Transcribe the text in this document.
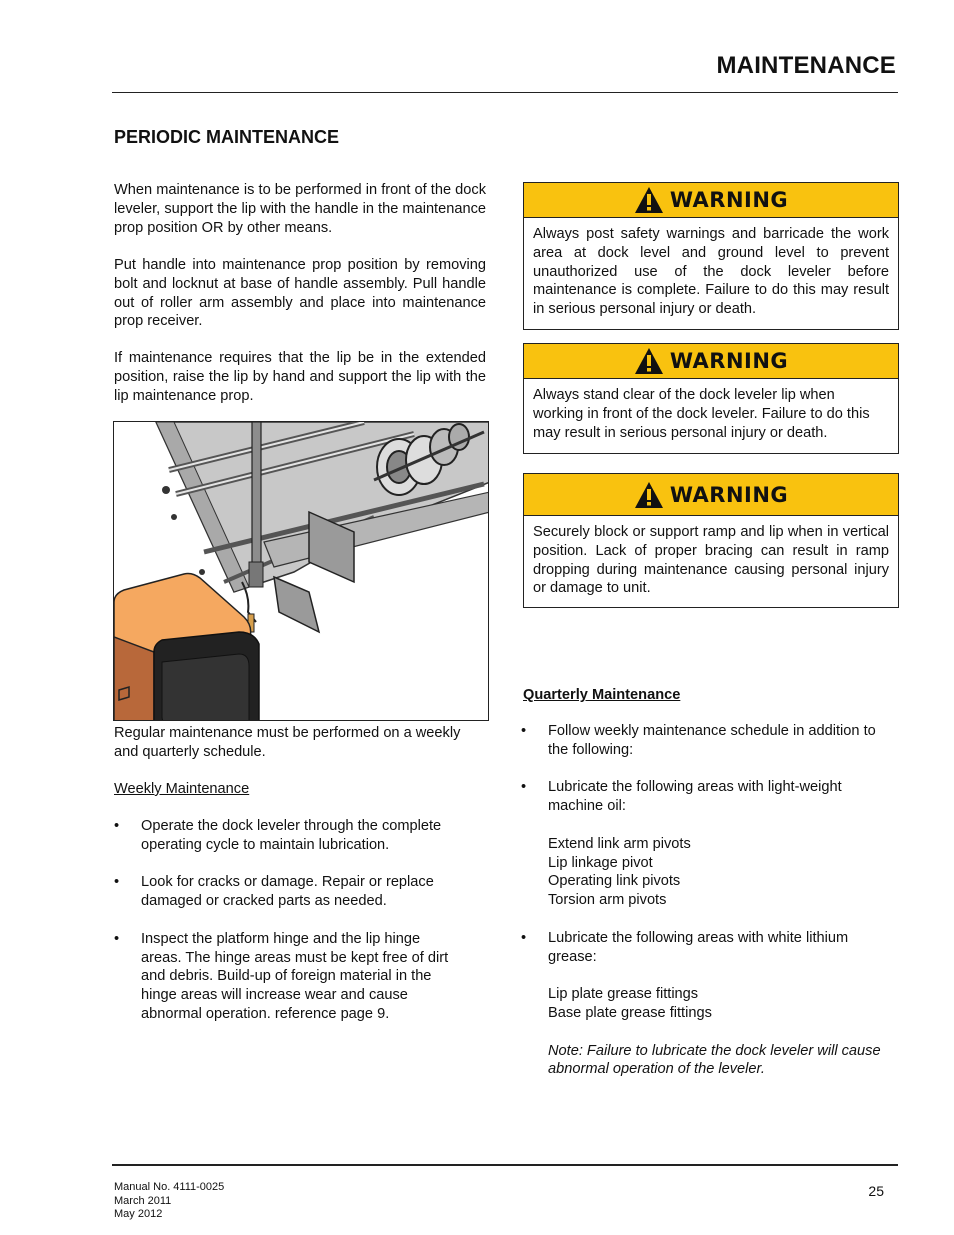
MAINTENANCE
PERIODIC MAINTENANCE

When maintenance is to be performed in front of the dock leveler, support the lip with the handle in the maintenance prop position OR by other means.

Put handle into maintenance prop position by removing bolt and locknut at base of handle assembly. Pull handle out of roller arm assembly and place into maintenance prop receiver.

If maintenance requires that the lip be in the extended position, raise the lip by hand and support the lip with the lip maintenance prop.

Regular maintenance must be performed on a weekly and quarterly schedule.

Weekly Maintenance
• Operate the dock leveler through the complete operating cycle to maintain lubrication.
• Look for cracks or damage. Repair or replace damaged or cracked parts as needed.
• Inspect the platform hinge and the lip hinge areas. The hinge areas must be kept free of dirt and debris. Build-up of foreign material in the hinge areas will increase wear and cause abnormal operation. reference page 9.
WARNING
Always post safety warnings and barricade the work area at dock level and ground level to prevent unauthorized use of the dock leveler before maintenance is complete. Failure to do this may result in serious personal injury or death.
WARNING
Always stand clear of the dock leveler lip when working in front of the dock leveler. Failure to do this may result in serious personal injury or death.
WARNING
Securely block or support ramp and lip when in vertical position. Lack of proper bracing can result in ramp dropping during maintenance causing personal injury or damage to unit.
Quarterly Maintenance
• Follow weekly maintenance schedule in addition to the following:
• Lubricate the following areas with light-weight machine oil:
Extend link arm pivots
Lip linkage pivot
Operating link pivots
Torsion arm pivots
• Lubricate the following areas with white lithium grease:
Lip plate grease fittings
Base plate grease fittings
Note: Failure to lubricate the dock leveler will cause abnormal operation of the leveler.
Manual No. 4111-0025
March 2011
May 2012
25
